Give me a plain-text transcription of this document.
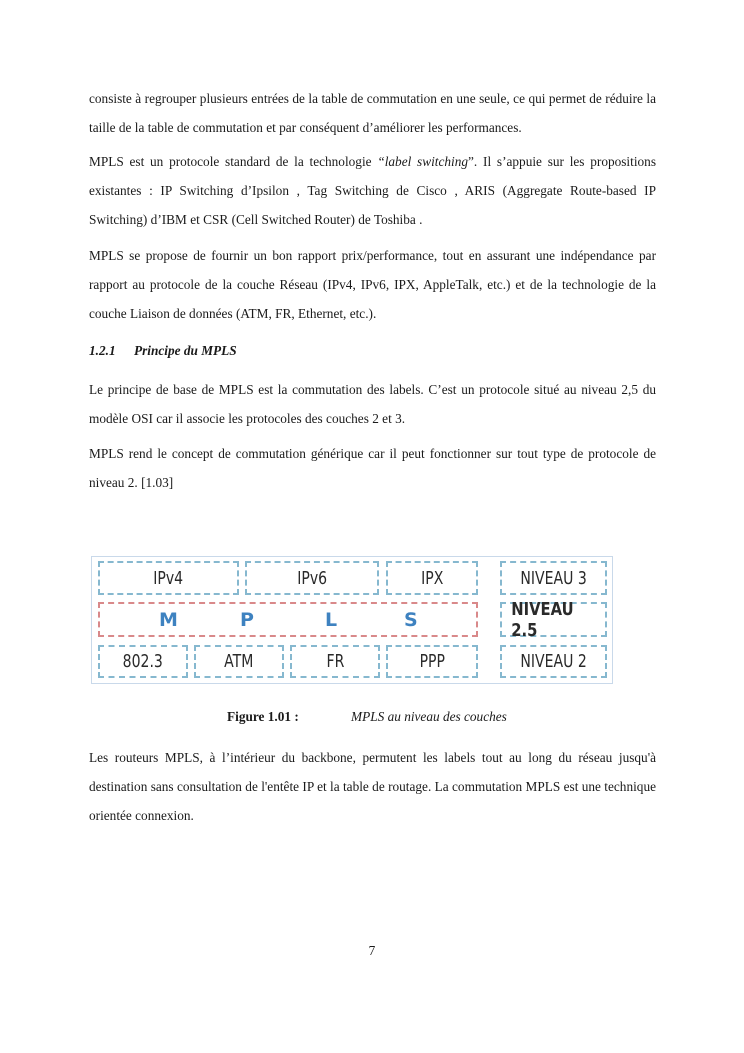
consiste à regrouper plusieurs entrées de la table de commutation en une seule, ce qui permet de réduire la taille de la table de commutation et par conséquent d’améliorer les performances.

MPLS est un protocole standard de la technologie “label switching”. Il s’appuie sur les propositions existantes : IP Switching d’Ipsilon , Tag Switching de Cisco , ARIS (Aggregate Route-based IP Switching) d’IBM et CSR (Cell Switched Router) de Toshiba .

MPLS se propose de fournir un bon rapport prix/performance, tout en assurant une indépendance par rapport au protocole de la couche Réseau (IPv4, IPv6, IPX, AppleTalk, etc.) et de la technologie de la couche Liaison de données (ATM, FR, Ethernet, etc.).

1.2.1 Principe du MPLS

Le principe de base de MPLS est la commutation des labels. C’est un protocole situé au niveau 2,5 du modèle OSI car il associe les protocoles des couches 2 et 3.

MPLS rend le concept de commutation générique car il peut fonctionner sur tout type de protocole de niveau 2. [1.03]

IPv4	IPv6	IPX	NIVEAU 3
M	P	L	S	NIVEAU 2.5
802.3	ATM	FR	PPP	NIVEAU 2
Figure 1.01 :	MPLS au niveau des couches

Les routeurs MPLS, à l’intérieur du backbone, permutent les labels tout au long du réseau jusqu'à destination sans consultation de l'entête IP et la table de routage. La commutation MPLS est une technique orientée connexion.

7
